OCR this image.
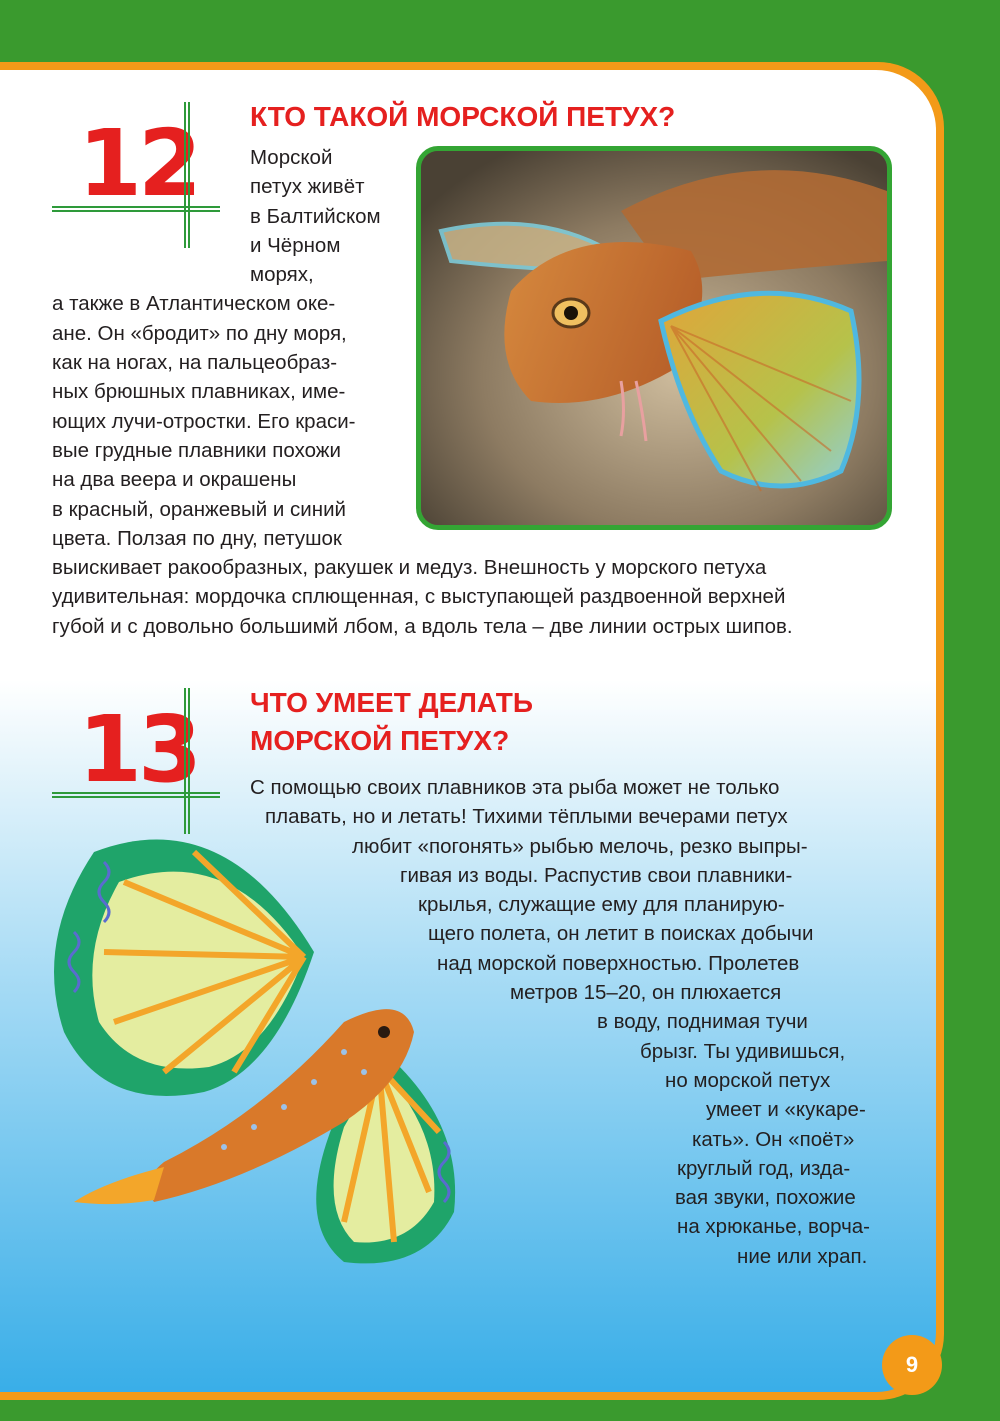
12 КТО ТАКОЙ МОРСКОЙ ПЕТУХ?
Морской
петух живёт
в Балтийском
и Чёрном
морях,
а также в Атлантическом оке-
ане. Он «бродит» по дну моря,
как на ногах, на пальцеобраз-
ных брюшных плавниках, име-
ющих лучи-отростки. Его краси-
вые грудные плавники похожи
на два веера и окрашены
в красный, оранжевый и синий
цвета. Ползая по дну, петушок
выискивает ракообразных, ракушек и медуз. Внешность у морского петуха
удивительная: мордочка сплющенная, с выступающей раздвоенной верхней
губой и с довольно большимй лбом, а вдоль тела – две линии острых шипов.
13 ЧТО УМЕЕТ ДЕЛАТЬ
МОРСКОЙ ПЕТУХ?
С помощью своих плавников эта рыба может не только
плавать, но и летать! Тихими тёплыми вечерами петух
любит «погонять» рыбью мелочь, резко выпры-
гивая из воды. Распустив свои плавники-
крылья, служащие ему для планирую-
щего полета, он летит в поисках добычи
над морской поверхностью. Пролетев
метров 15–20, он плюхается
в воду, поднимая тучи
брызг. Ты удивишься,
но морской петух
умеет и «кукаре-
кать». Он «поёт»
круглый год, изда-
вая звуки, похожие
на хрюканье, ворча-
ние или храп.
9
